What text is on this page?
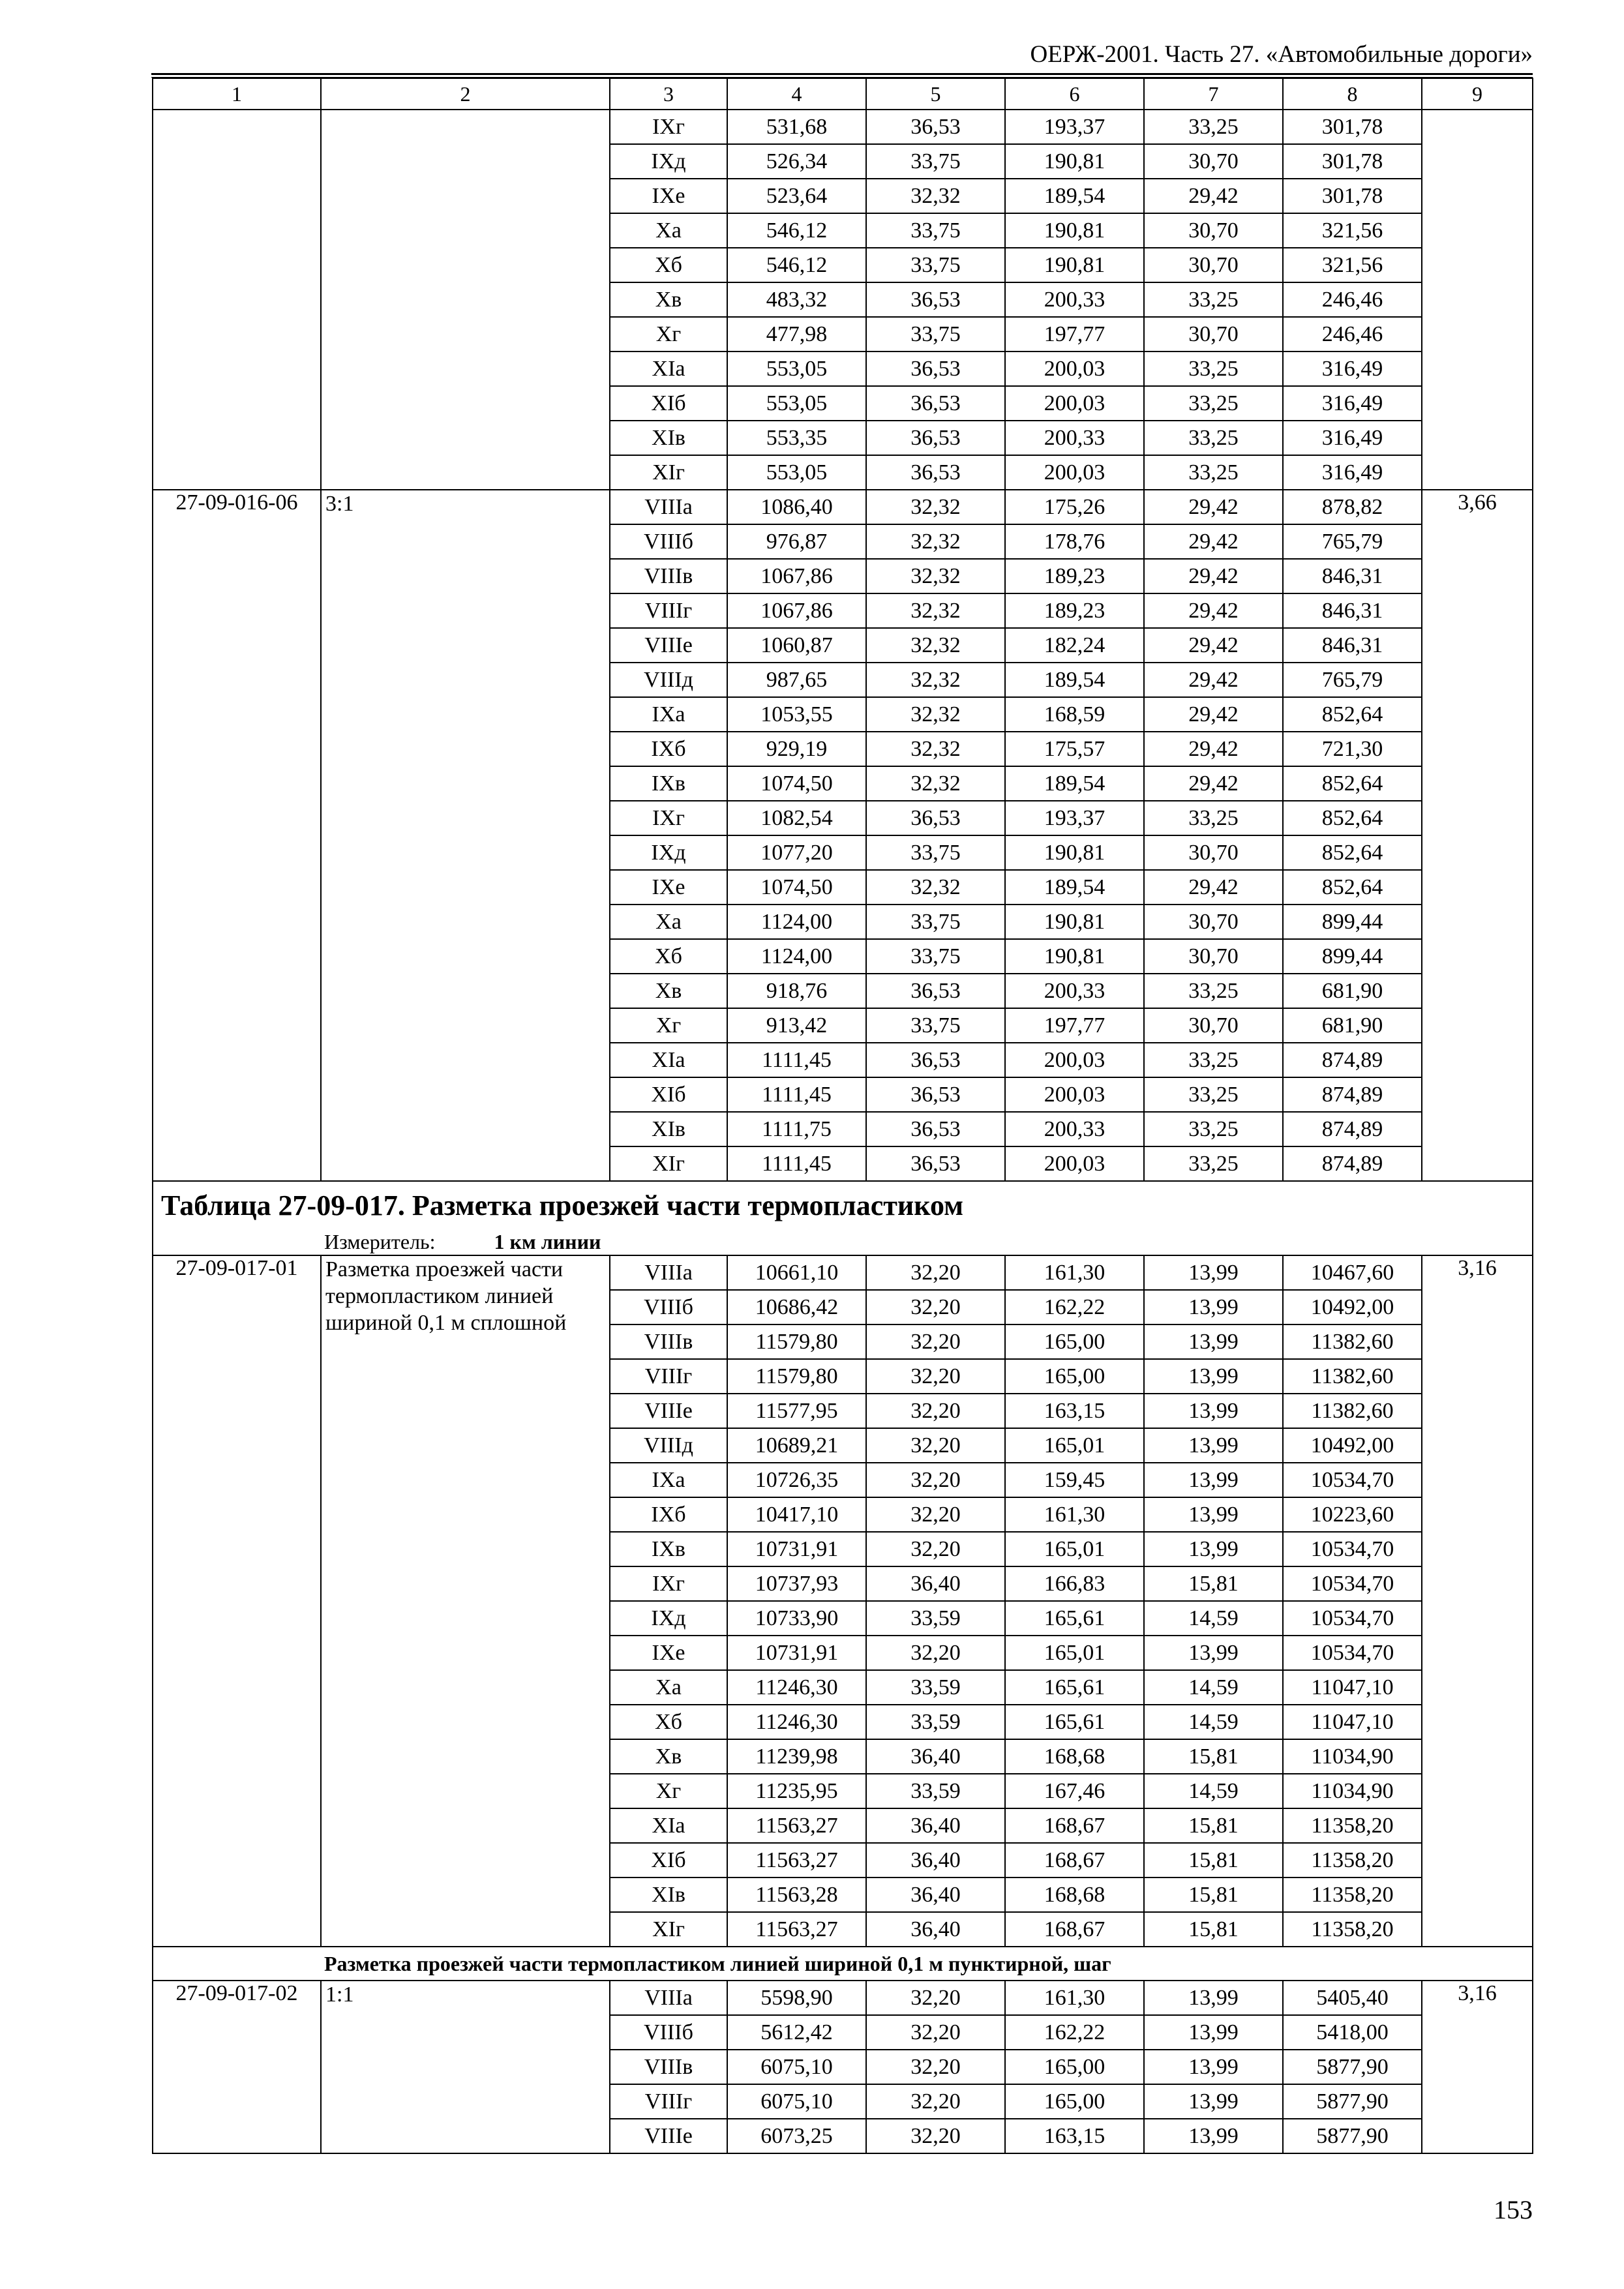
ОЕРЖ-2001. Часть 27. «Автомобильные дороги»
1	2	3	4	5	6	7	8	9
		IXг	531,68	36,53	193,37	33,25	301,78	
		IXд	526,34	33,75	190,81	30,70	301,78	
		IXе	523,64	32,32	189,54	29,42	301,78	
		Xа	546,12	33,75	190,81	30,70	321,56	
		Xб	546,12	33,75	190,81	30,70	321,56	
		Xв	483,32	36,53	200,33	33,25	246,46	
		Xг	477,98	33,75	197,77	30,70	246,46	
		XIа	553,05	36,53	200,03	33,25	316,49	
		XIб	553,05	36,53	200,03	33,25	316,49	
		XIв	553,35	36,53	200,33	33,25	316,49	
		XIг	553,05	36,53	200,03	33,25	316,49	
27-09-016-06	3:1	VIIIа	1086,40	32,32	175,26	29,42	878,82	3,66
		VIIIб	976,87	32,32	178,76	29,42	765,79	
		VIIIв	1067,86	32,32	189,23	29,42	846,31	
		VIIIг	1067,86	32,32	189,23	29,42	846,31	
		VIIIе	1060,87	32,32	182,24	29,42	846,31	
		VIIIд	987,65	32,32	189,54	29,42	765,79	
		IXа	1053,55	32,32	168,59	29,42	852,64	
		IXб	929,19	32,32	175,57	29,42	721,30	
		IXв	1074,50	32,32	189,54	29,42	852,64	
		IXг	1082,54	36,53	193,37	33,25	852,64	
		IXд	1077,20	33,75	190,81	30,70	852,64	
		IXе	1074,50	32,32	189,54	29,42	852,64	
		Xа	1124,00	33,75	190,81	30,70	899,44	
		Xб	1124,00	33,75	190,81	30,70	899,44	
		Xв	918,76	36,53	200,33	33,25	681,90	
		Xг	913,42	33,75	197,77	30,70	681,90	
		XIа	1111,45	36,53	200,03	33,25	874,89	
		XIб	1111,45	36,53	200,03	33,25	874,89	
		XIв	1111,75	36,53	200,33	33,25	874,89	
		XIг	1111,45	36,53	200,03	33,25	874,89	
Таблица 27-09-017. Разметка проезжей части термопластиком								
Измеритель: 1 км линии								
27-09-017-01	Разметка проезжей части термопластиком линией шириной 0,1 м сплошной	VIIIа	10661,10	32,20	161,30	13,99	10467,60	3,16
		VIIIб	10686,42	32,20	162,22	13,99	10492,00	
		VIIIв	11579,80	32,20	165,00	13,99	11382,60	
		VIIIг	11579,80	32,20	165,00	13,99	11382,60	
		VIIIе	11577,95	32,20	163,15	13,99	11382,60	
		VIIIд	10689,21	32,20	165,01	13,99	10492,00	
		IXа	10726,35	32,20	159,45	13,99	10534,70	
		IXб	10417,10	32,20	161,30	13,99	10223,60	
		IXв	10731,91	32,20	165,01	13,99	10534,70	
		IXг	10737,93	36,40	166,83	15,81	10534,70	
		IXд	10733,90	33,59	165,61	14,59	10534,70	
		IXе	10731,91	32,20	165,01	13,99	10534,70	
		Xа	11246,30	33,59	165,61	14,59	11047,10	
		Xб	11246,30	33,59	165,61	14,59	11047,10	
		Xв	11239,98	36,40	168,68	15,81	11034,90	
		Xг	11235,95	33,59	167,46	14,59	11034,90	
		XIа	11563,27	36,40	168,67	15,81	11358,20	
		XIб	11563,27	36,40	168,67	15,81	11358,20	
		XIв	11563,28	36,40	168,68	15,81	11358,20	
		XIг	11563,27	36,40	168,67	15,81	11358,20	
Разметка проезжей части термопластиком линией шириной 0,1 м пунктирной, шаг								
27-09-017-02	1:1	VIIIа	5598,90	32,20	161,30	13,99	5405,40	3,16
		VIIIб	5612,42	32,20	162,22	13,99	5418,00	
		VIIIв	6075,10	32,20	165,00	13,99	5877,90	
		VIIIг	6075,10	32,20	165,00	13,99	5877,90	
		VIIIе	6073,25	32,20	163,15	13,99	5877,90	
153
